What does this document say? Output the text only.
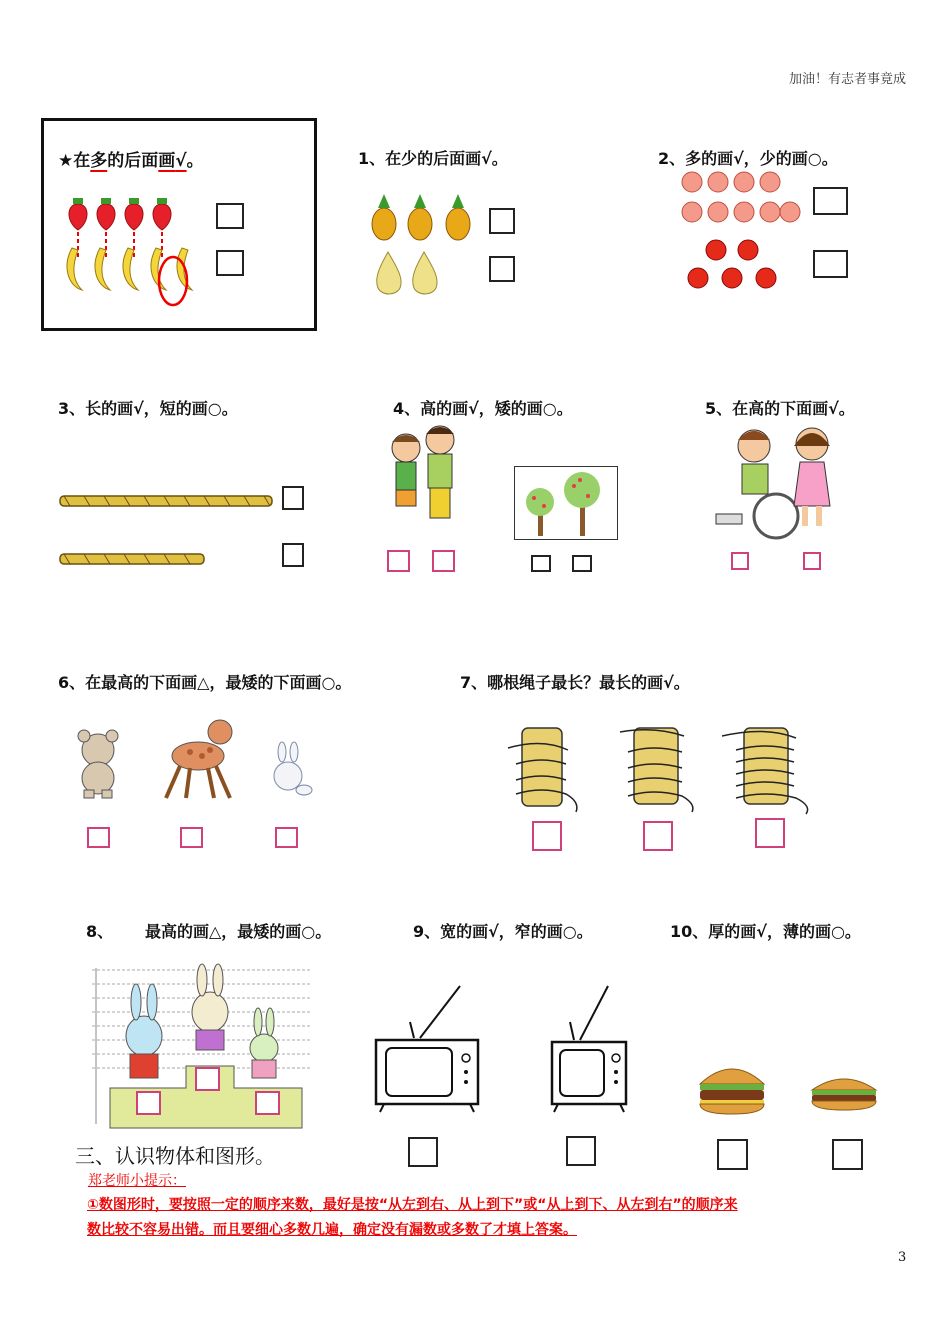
加油！有志者事竟成
★在多的后面画√。	1、在少的后面画√。	2、多的画√，少的画○。
3、长的画√，短的画○。	4、高的画√，矮的画○。	5、在高的下面画√。
6、在最高的下面画△，最矮的下面画○。	7、哪根绳子最长？最长的画√。
8、 最高的画△，最矮的画○。	9、宽的画√，窄的画○。	10、厚的画√，薄的画○。
三、认识物体和图形。
郑老师小提示：
①数图形时，要按照一定的顺序来数，最好是按“从左到右、从上到下”或“从上到下、从左到右”的顺序来
数比较不容易出错。而且要细心多数几遍，确定没有漏数或多数了才填上答案。
3
